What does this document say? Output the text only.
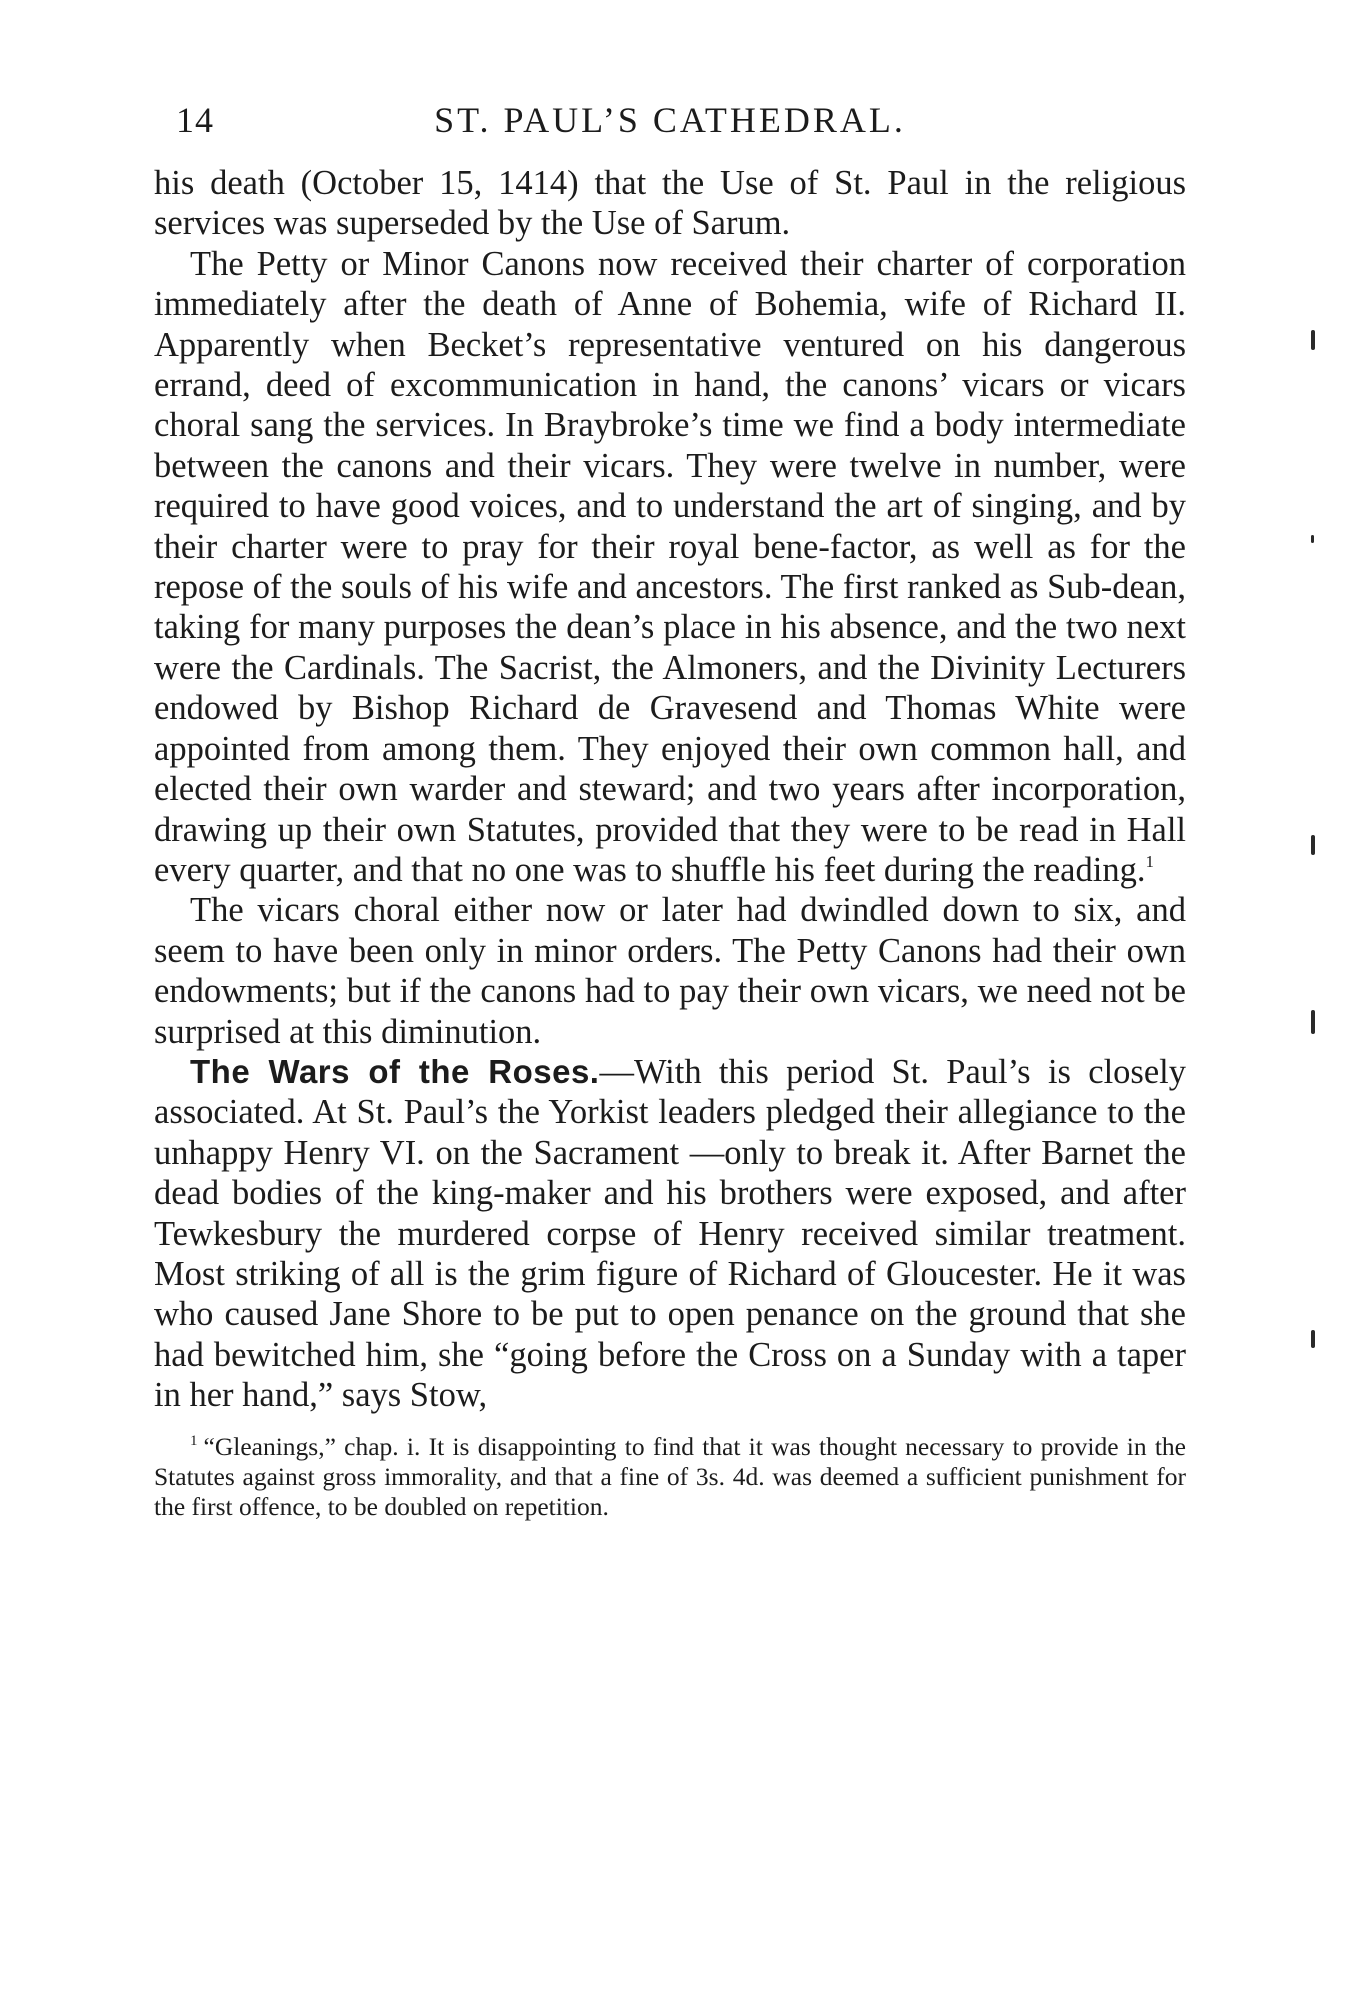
14	ST. PAUL’S CATHEDRAL.

his death (October 15, 1414) that the Use of St. Paul in the religious services was superseded by the Use of Sarum.

The Petty or Minor Canons now received their charter of corporation immediately after the death of Anne of Bohemia, wife of Richard II. Apparently when Becket’s representative ventured on his dangerous errand, deed of excommunication in hand, the canons’ vicars or vicars choral sang the services. In Braybroke’s time we find a body intermediate between the canons and their vicars. They were twelve in number, were required to have good voices, and to understand the art of singing, and by their charter were to pray for their royal bene-factor, as well as for the repose of the souls of his wife and ancestors. The first ranked as Sub-dean, taking for many purposes the dean’s place in his absence, and the two next were the Cardinals. The Sacrist, the Almoners, and the Divinity Lecturers endowed by Bishop Richard de Gravesend and Thomas White were appointed from among them. They enjoyed their own common hall, and elected their own warder and steward; and two years after incorporation, drawing up their own Statutes, provided that they were to be read in Hall every quarter, and that no one was to shuffle his feet during the reading.$^1$

The vicars choral either now or later had dwindled down to six, and seem to have been only in minor orders. The Petty Canons had their own endowments; but if the canons had to pay their own vicars, we need not be surprised at this diminution.

The Wars of the Roses.—With this period St. Paul’s is closely associated. At St. Paul’s the Yorkist leaders pledged their allegiance to the unhappy Henry VI. on the Sacrament —only to break it. After Barnet the dead bodies of the king-maker and his brothers were exposed, and after Tewkesbury the murdered corpse of Henry received similar treatment. Most striking of all is the grim figure of Richard of Gloucester. He it was who caused Jane Shore to be put to open penance on the ground that she had bewitched him, she “going before the Cross on a Sunday with a taper in her hand,” says Stow,

$^1$ “Gleanings,” chap. i. It is disappointing to find that it was thought necessary to provide in the Statutes against gross immorality, and that a fine of 3s. 4d. was deemed a sufficient punishment for the first offence, to be doubled on repetition.
